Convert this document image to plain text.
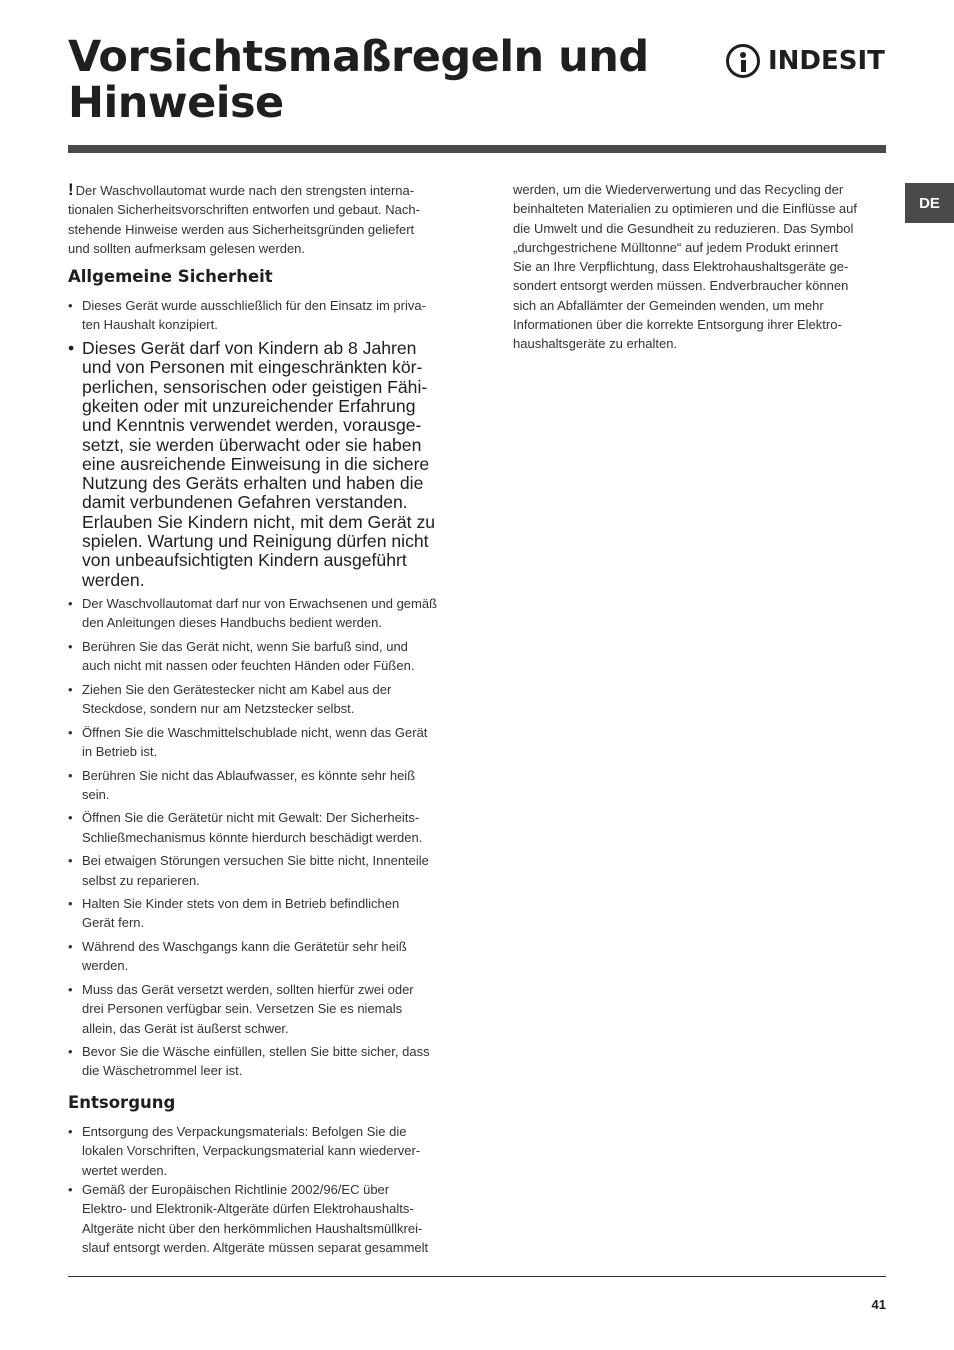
Vorsichtsmaßregeln und
Hinweise
INDESIT
DE

! Der Waschvollautomat wurde nach den strengsten interna-
tionalen Sicherheitsvorschriften entworfen und gebaut. Nach-
stehende Hinweise werden aus Sicherheitsgründen geliefert
und sollten aufmerksam gelesen werden.

Allgemeine Sicherheit
• Dieses Gerät wurde ausschließlich für den Einsatz im priva-
ten Haushalt konzipiert.
• Dieses Gerät darf von Kindern ab 8 Jahren
und von Personen mit eingeschränkten kör-
perlichen, sensorischen oder geistigen Fähi-
gkeiten oder mit unzureichender Erfahrung
und Kenntnis verwendet werden, vorausge-
setzt, sie werden überwacht oder sie haben
eine ausreichende Einweisung in die sichere
Nutzung des Geräts erhalten und haben die
damit verbundenen Gefahren verstanden.
Erlauben Sie Kindern nicht, mit dem Gerät zu
spielen. Wartung und Reinigung dürfen nicht
von unbeaufsichtigten Kindern ausgeführt
werden.
• Der Waschvollautomat darf nur von Erwachsenen und gemäß
den Anleitungen dieses Handbuchs bedient werden.
• Berühren Sie das Gerät nicht, wenn Sie barfuß sind, und
auch nicht mit nassen oder feuchten Händen oder Füßen.
• Ziehen Sie den Gerätestecker nicht am Kabel aus der
Steckdose, sondern nur am Netzstecker selbst.
• Öffnen Sie die Waschmittelschublade nicht, wenn das Gerät
in Betrieb ist.
• Berühren Sie nicht das Ablaufwasser, es könnte sehr heiß
sein.
• Öffnen Sie die Gerätetür nicht mit Gewalt: Der Sicherheits-
Schließmechanismus könnte hierdurch beschädigt werden.
• Bei etwaigen Störungen versuchen Sie bitte nicht, Innenteile
selbst zu reparieren.
• Halten Sie Kinder stets von dem in Betrieb befindlichen
Gerät fern.
• Während des Waschgangs kann die Gerätetür sehr heiß
werden.
• Muss das Gerät versetzt werden, sollten hierfür zwei oder
drei Personen verfügbar sein. Versetzen Sie es niemals
allein, das Gerät ist äußerst schwer.
• Bevor Sie die Wäsche einfüllen, stellen Sie bitte sicher, dass
die Wäschetrommel leer ist.
Entsorgung
• Entsorgung des Verpackungsmaterials: Befolgen Sie die
lokalen Vorschriften, Verpackungsmaterial kann wiederver-
wertet werden.
• Gemäß der Europäischen Richtlinie 2002/96/EC über
Elektro- und Elektronik-Altgeräte dürfen Elektrohaushalts-
Altgeräte nicht über den herkömmlichen Haushaltsmüllkrei-
slauf entsorgt werden. Altgeräte müssen separat gesammelt
werden, um die Wiederverwertung und das Recycling der
beinhalteten Materialien zu optimieren und die Einflüsse auf
die Umwelt und die Gesundheit zu reduzieren. Das Symbol
„durchgestrichene Mülltonne“ auf jedem Produkt erinnert
Sie an Ihre Verpflichtung, dass Elektrohaushaltsgeräte ge-
sondert entsorgt werden müssen. Endverbraucher können
sich an Abfallämter der Gemeinden wenden, um mehr
Informationen über die korrekte Entsorgung ihrer Elektro-
haushaltsgeräte zu erhalten.
41
